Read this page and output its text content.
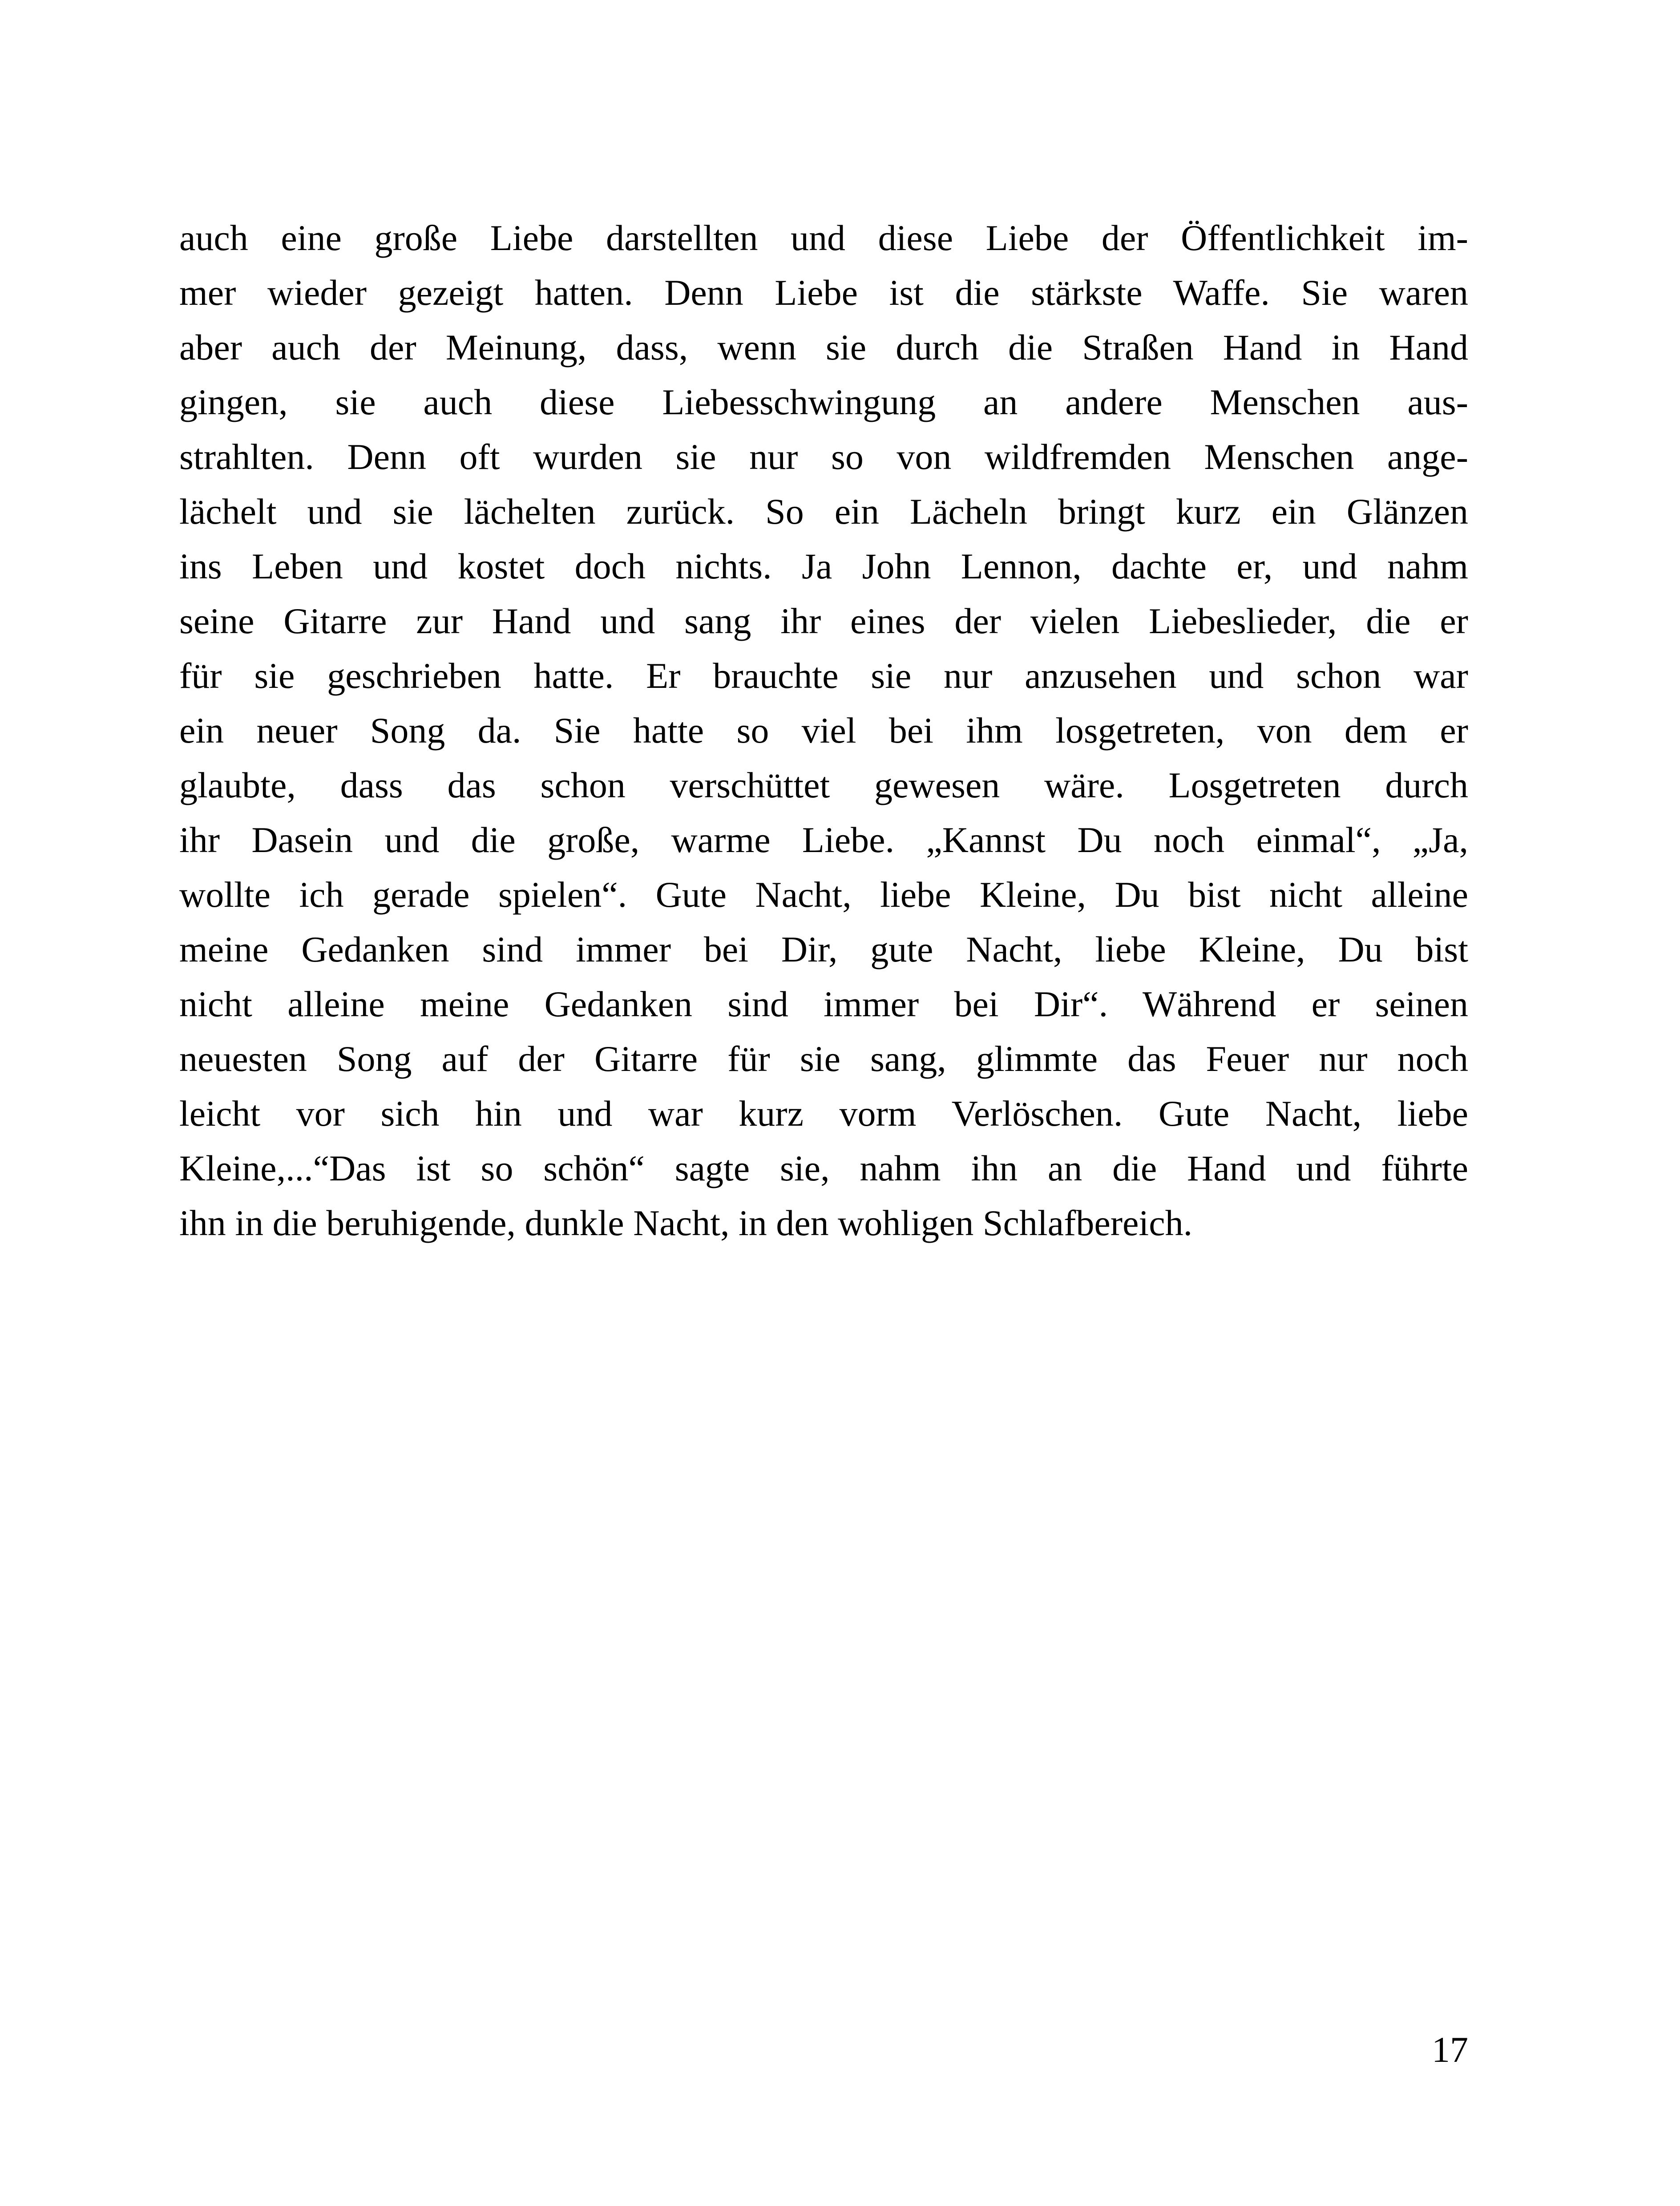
auch eine große Liebe darstellten und diese Liebe der Öffentlichkeit im-
mer wieder gezeigt hatten. Denn Liebe ist die stärkste Waffe. Sie waren
aber auch der Meinung, dass, wenn sie durch die Straßen Hand in Hand
gingen, sie auch diese Liebesschwingung an andere Menschen aus-
strahlten. Denn oft wurden sie nur so von wildfremden Menschen ange-
lächelt und sie lächelten zurück. So ein Lächeln bringt kurz ein Glänzen
ins Leben und kostet doch nichts. Ja John Lennon, dachte er, und nahm
seine Gitarre zur Hand und sang ihr eines der vielen Liebeslieder, die er
für sie geschrieben hatte. Er brauchte sie nur anzusehen und schon war
ein neuer Song da. Sie hatte so viel bei ihm losgetreten, von dem er
glaubte, dass das schon verschüttet gewesen wäre. Losgetreten durch
ihr Dasein und die große, warme Liebe. „Kannst Du noch einmal“, „Ja,
wollte ich gerade spielen“. Gute Nacht, liebe Kleine, Du bist nicht alleine
meine Gedanken sind immer bei Dir, gute Nacht, liebe Kleine, Du bist
nicht alleine meine Gedanken sind immer bei Dir“. Während er seinen
neuesten Song auf der Gitarre für sie sang, glimmte das Feuer nur noch
leicht vor sich hin und war kurz vorm Verlöschen. Gute Nacht, liebe
Kleine,...“Das ist so schön“ sagte sie, nahm ihn an die Hand und führte
ihn in die beruhigende, dunkle Nacht, in den wohligen Schlafbereich.
17
